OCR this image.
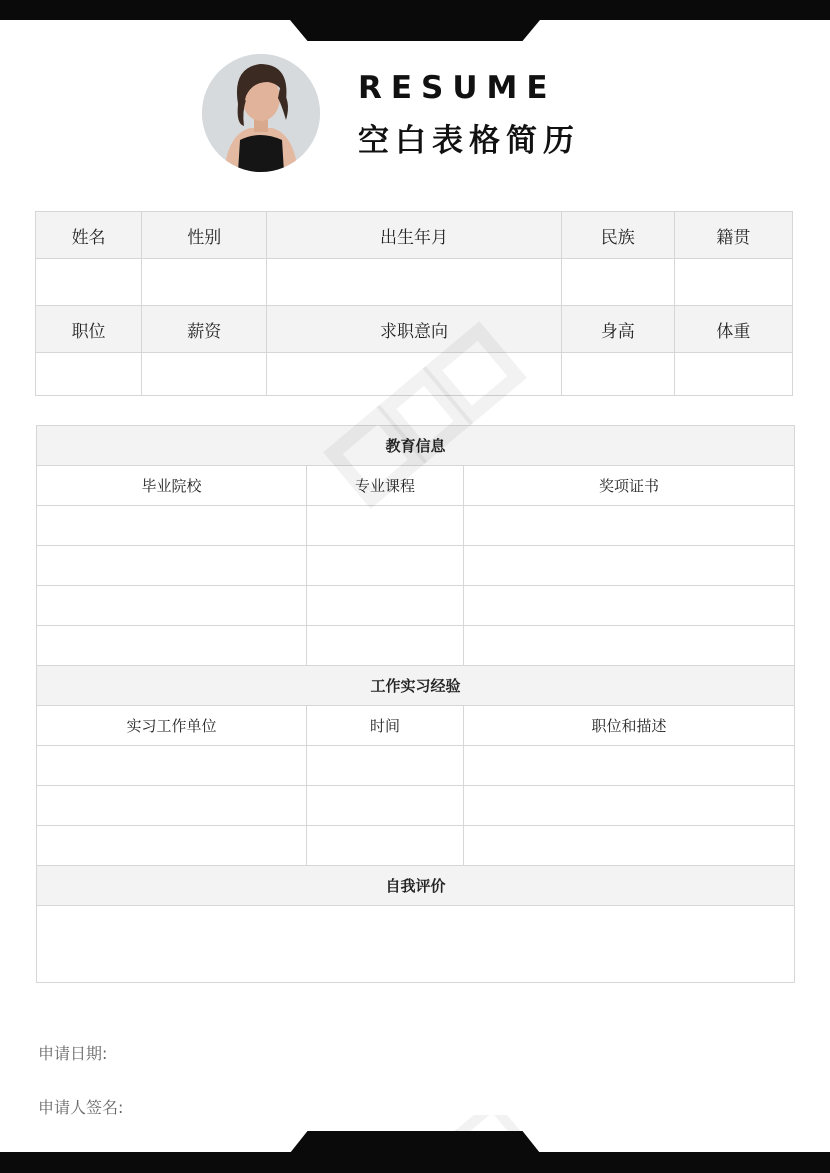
RESUME
空白表格简历
姓名	性别	出生年月	民族	籍贯

职位	薪资	求职意向	身高	体重

教育信息		
毕业院校	专业课程	奖项证书

工作实习经验		
实习工作单位	时间	职位和描述

自我评价		

申请日期:
申请人签名:
